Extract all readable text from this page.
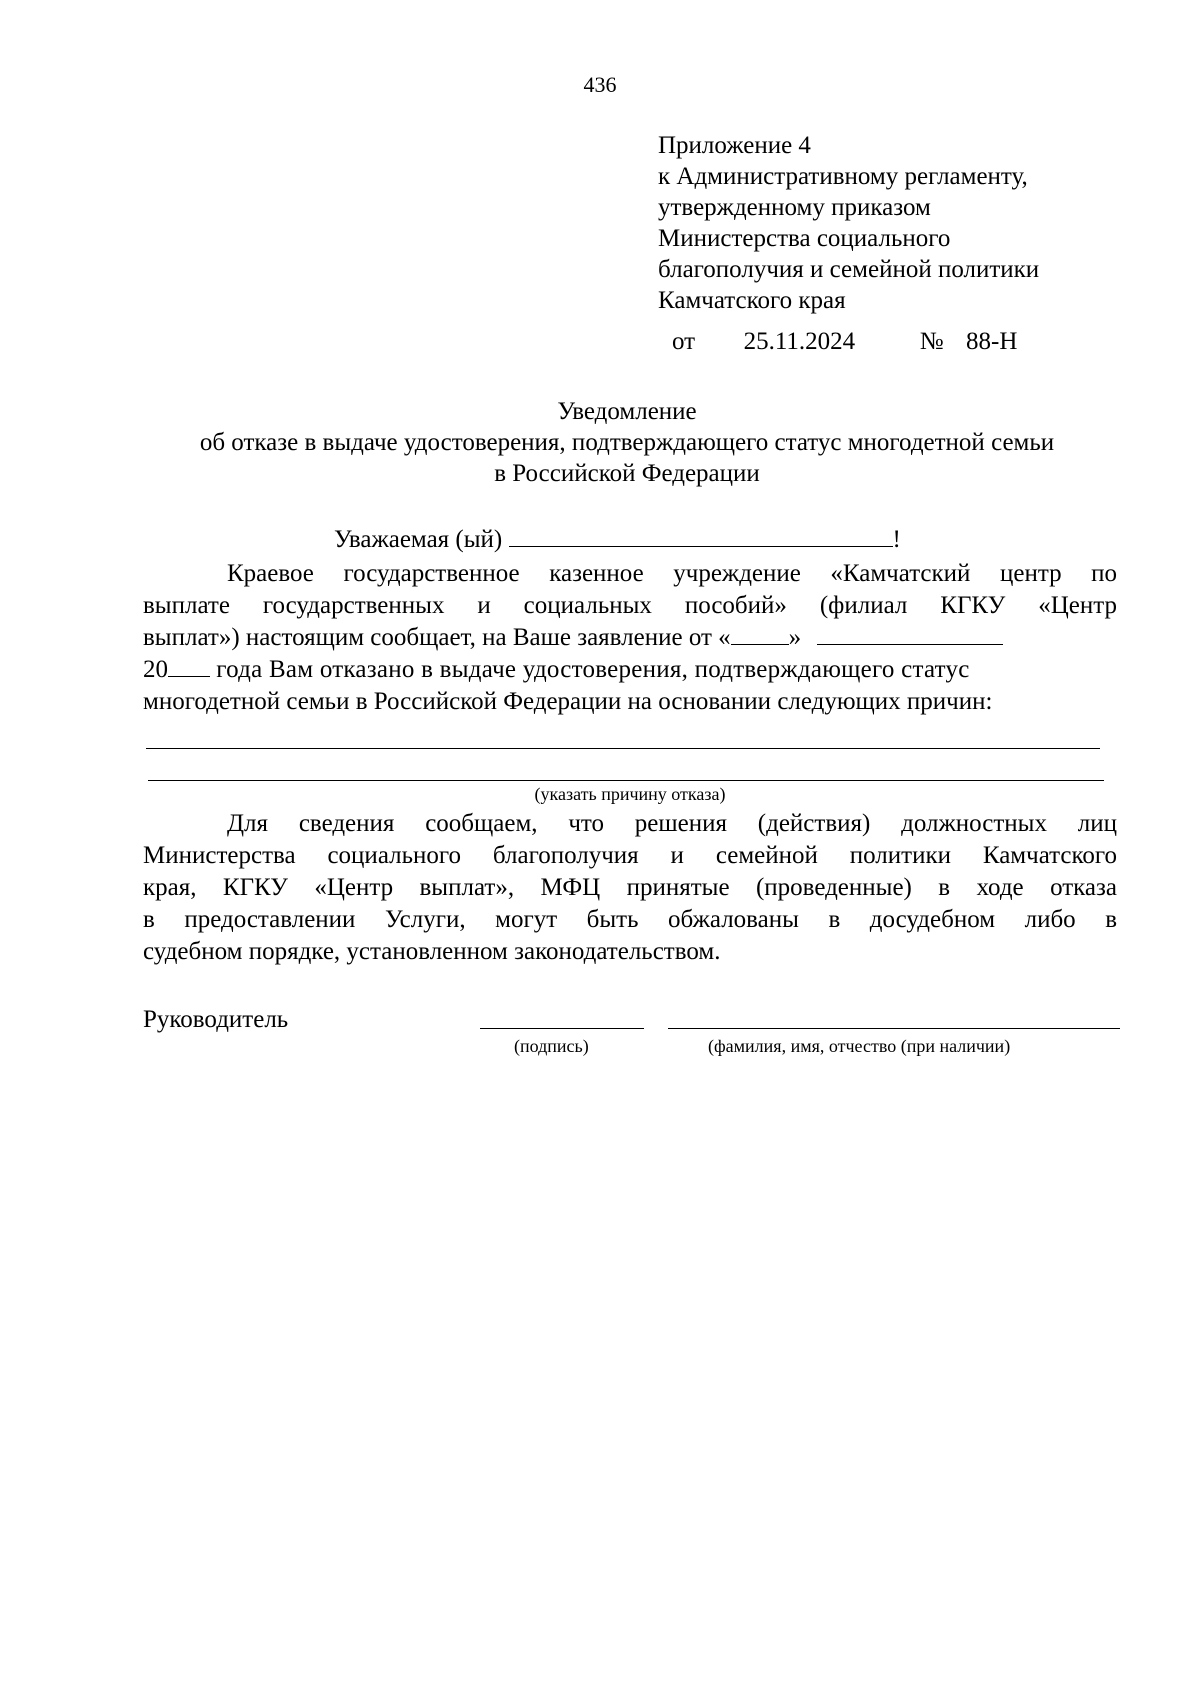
436
Приложение 4
к Административному регламенту,
утвержденному приказом
Министерства социального
благополучия и семейной политики
Камчатского края
от 25.11.2024	№ 88-Н
Уведомление
об отказе в выдаче удостоверения, подтверждающего статус многодетной семьи
в Российской Федерации
Уважаемая (ый)	!
Краевое государственное казенное учреждение «Камчатский центр по
выплате государственных и социальных пособий» (филиал КГКУ «Центр
выплат») настоящим сообщает, на Ваше заявление от « »
20 года Вам отказано в выдаче удостоверения, подтверждающего статус
многодетной семьи в Российской Федерации на основании следующих причин:
(указать причину отказа)
Для сведения сообщаем, что решения (действия) должностных лиц
Министерства социального благополучия и семейной политики Камчатского
края, КГКУ «Центр выплат», МФЦ принятые (проведенные) в ходе отказа
в предоставлении Услуги, могут быть обжалованы в досудебном либо в
судебном порядке, установленном законодательством.
Руководитель
(подпись)	(фамилия, имя, отчество (при наличии)
